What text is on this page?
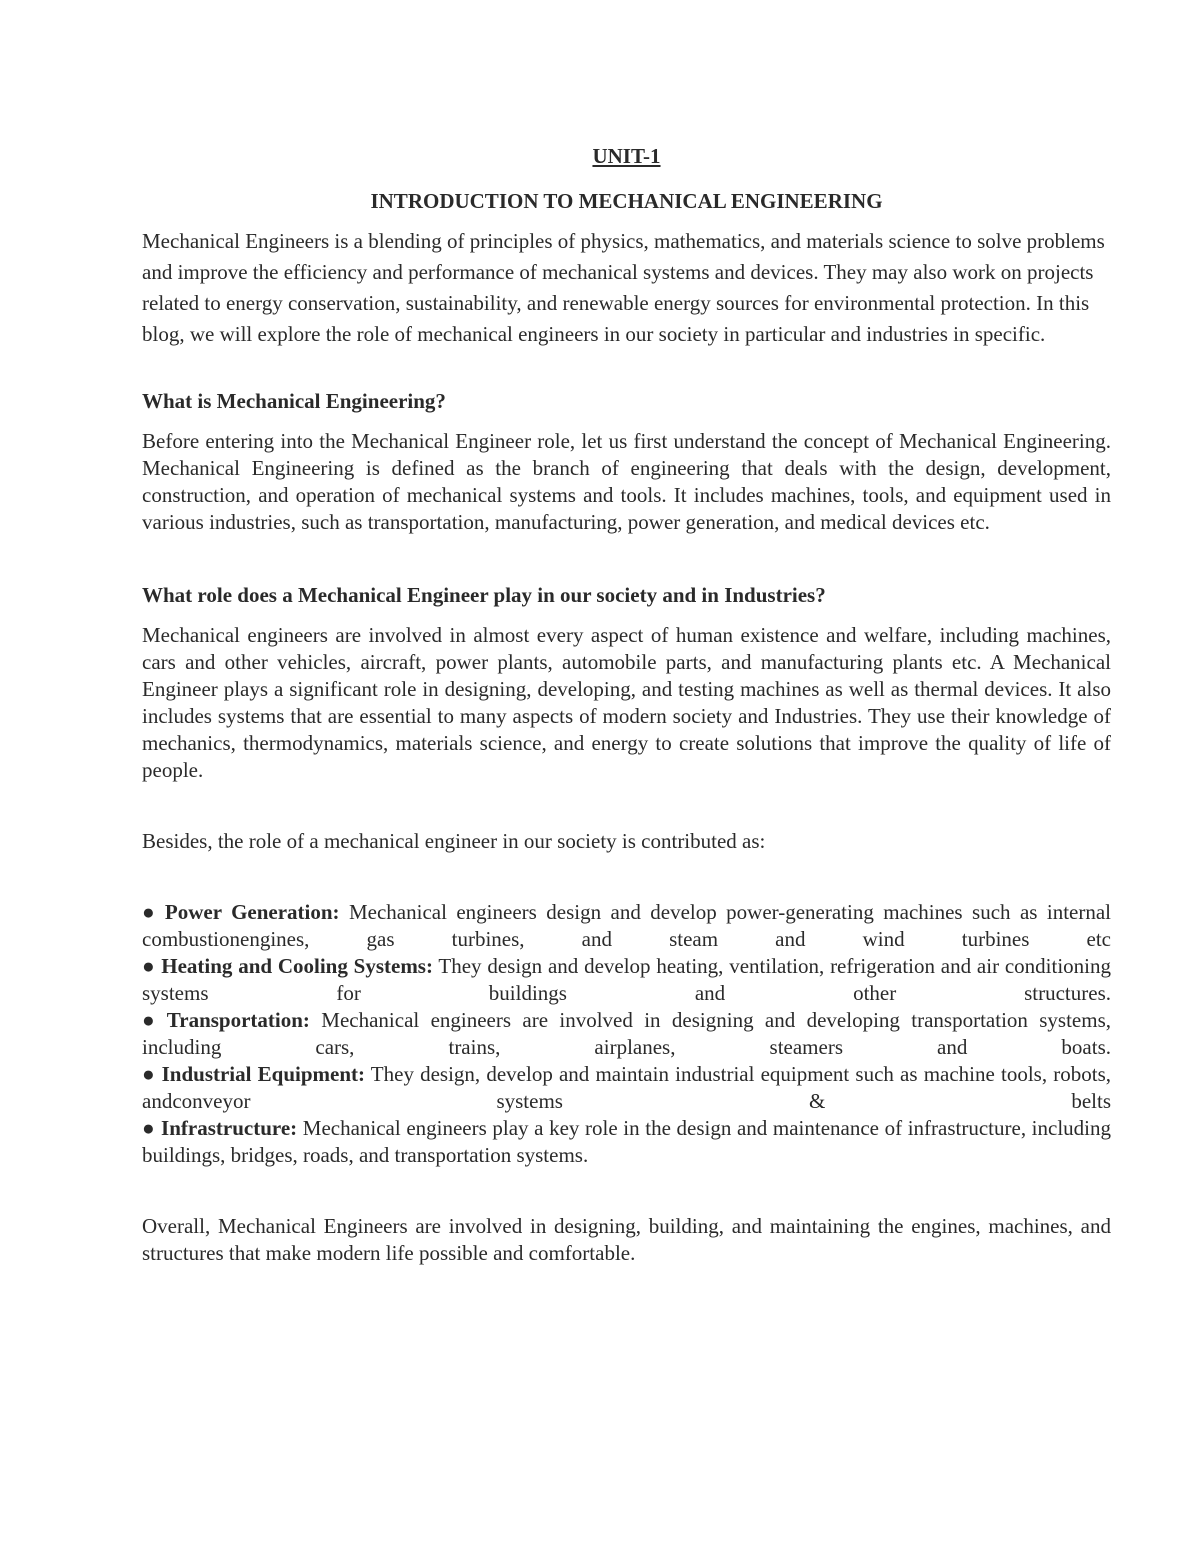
UNIT-1

INTRODUCTION TO MECHANICAL ENGINEERING

Mechanical Engineers is a blending of principles of physics, mathematics, and materials science to solve problems and improve the efficiency and performance of mechanical systems and devices. They may also work on projects related to energy conservation, sustainability, and renewable energy sources for environmental protection. In this blog, we will explore the role of mechanical engineers in our society in particular and industries in specific.

What is Mechanical Engineering?

Before entering into the Mechanical Engineer role, let us first understand the concept of Mechanical Engineering. Mechanical Engineering is defined as the branch of engineering that deals with the design, development, construction, and operation of mechanical systems and tools. It includes machines, tools, and equipment used in various industries, such as transportation, manufacturing, power generation, and medical devices etc.

What role does a Mechanical Engineer play in our society and in Industries?

Mechanical engineers are involved in almost every aspect of human existence and welfare, including machines, cars and other vehicles, aircraft, power plants, automobile parts, and manufacturing plants etc. A Mechanical Engineer plays a significant role in designing, developing, and testing machines as well as thermal devices. It also includes systems that are essential to many aspects of modern society and Industries. They use their knowledge of mechanics, thermodynamics, materials science, and energy to create solutions that improve the quality of life of people.

Besides, the role of a mechanical engineer in our society is contributed as:

● Power Generation: Mechanical engineers design and develop power-generating machines such as internal combustionengines, gas turbines, and steam and wind turbines etc
● Heating and Cooling Systems: They design and develop heating, ventilation, refrigeration and air conditioning systems for buildings and other structures.
● Transportation: Mechanical engineers are involved in designing and developing transportation systems, including cars, trains, airplanes, steamers and boats.
● Industrial Equipment: They design, develop and maintain industrial equipment such as machine tools, robots, andconveyor systems & belts
● Infrastructure: Mechanical engineers play a key role in the design and maintenance of infrastructure, including buildings, bridges, roads, and transportation systems.

Overall, Mechanical Engineers are involved in designing, building, and maintaining the engines, machines, and structures that make modern life possible and comfortable.
